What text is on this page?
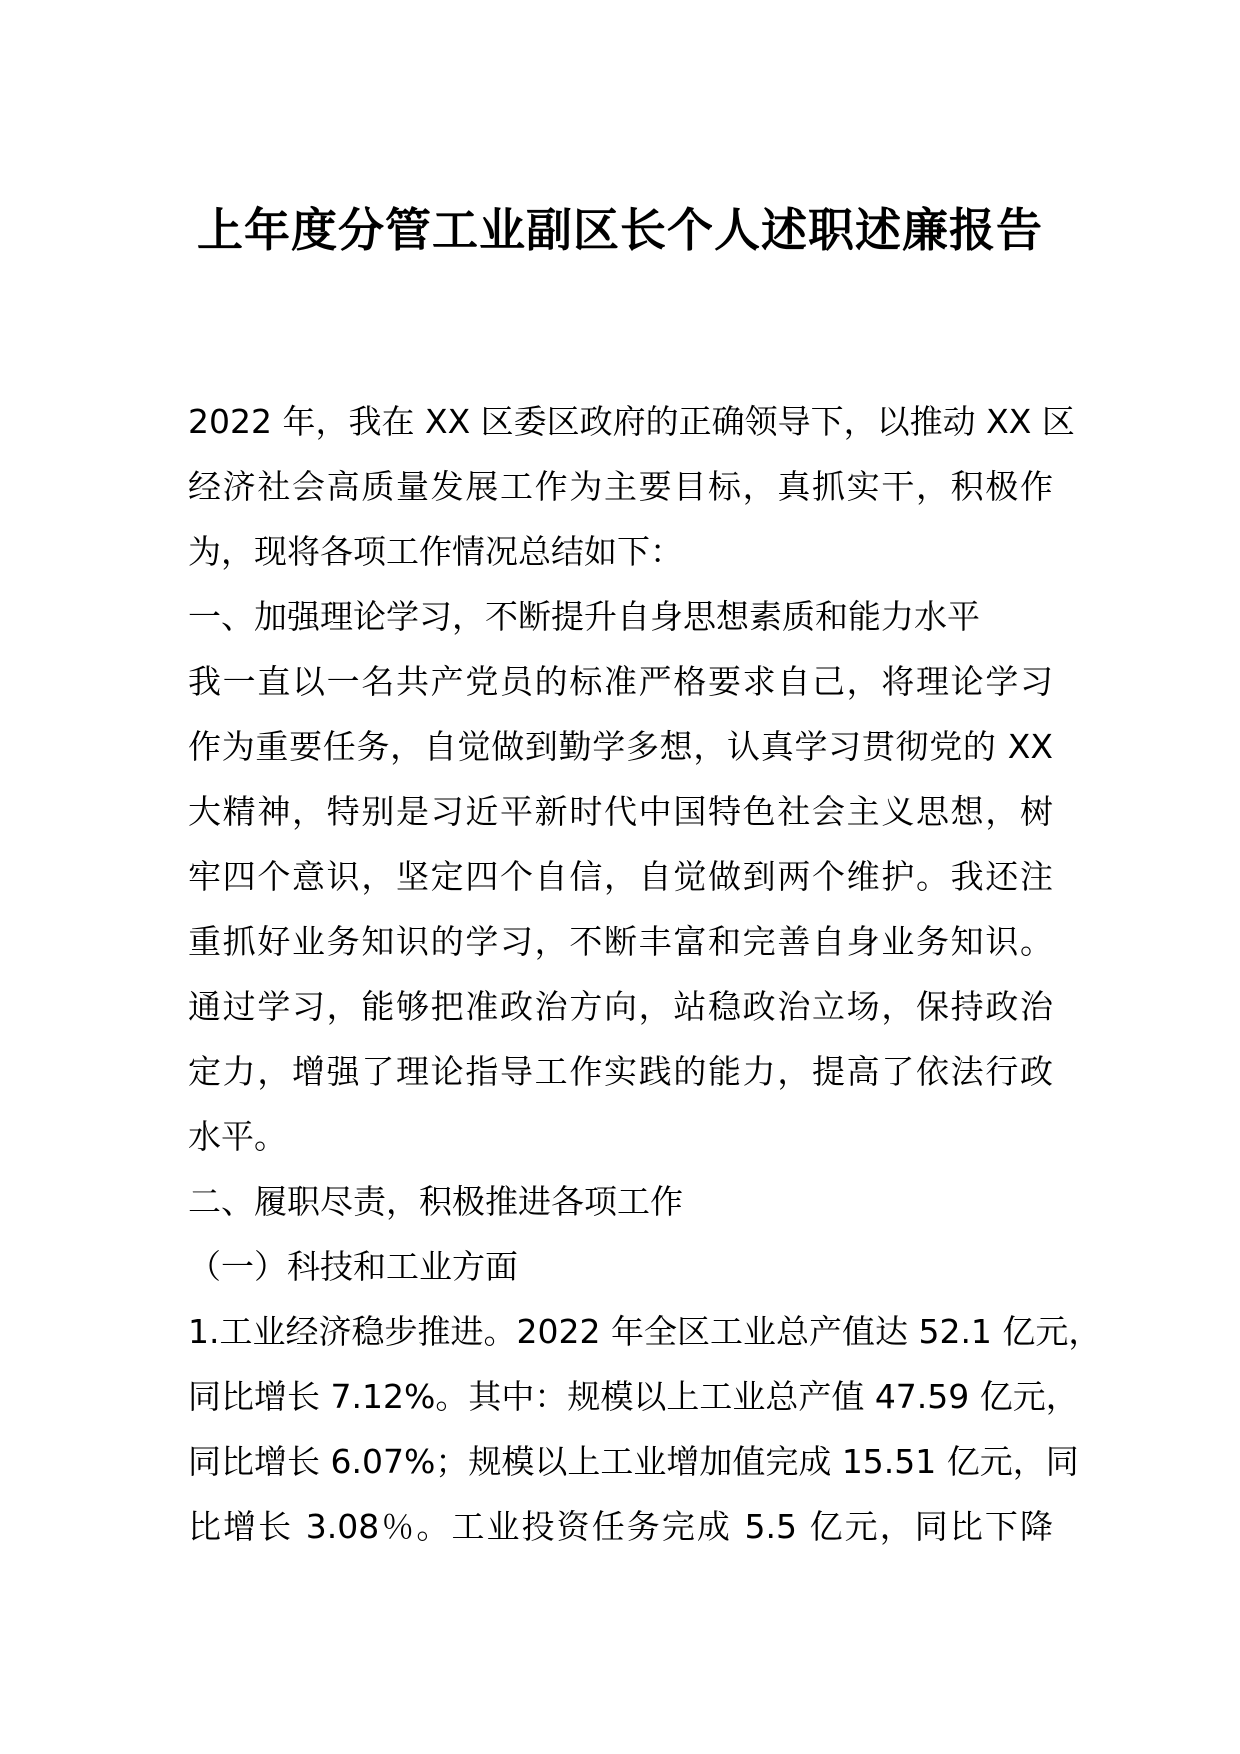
上年度分管工业副区长个人述职述廉报告

2022 年，我在 XX 区委区政府的正确领导下，以推动 XX 区

经济社会高质量发展工作为主要目标，真抓实干，积极作

为，现将各项工作情况总结如下：

一、加强理论学习，不断提升自身思想素质和能力水平

我一直以一名共产党员的标准严格要求自己，将理论学习

作为重要任务，自觉做到勤学多想，认真学习贯彻党的 XX

大精神，特别是习近平新时代中国特色社会主义思想，树

牢四个意识，坚定四个自信，自觉做到两个维护。我还注

重抓好业务知识的学习，不断丰富和完善自身业务知识。

通过学习，能够把准政治方向，站稳政治立场，保持政治

定力，增强了理论指导工作实践的能力，提高了依法行政

水平。

二、履职尽责，积极推进各项工作

（一）科技和工业方面

1.工业经济稳步推进。2022 年全区工业总产值达 52.1 亿元，

同比增长 7.12%。其中：规模以上工业总产值 47.59 亿元，

同比增长 6.07%；规模以上工业增加值完成 15.51 亿元，同

比增长 3.08％。工业投资任务完成 5.5 亿元，同比下降
